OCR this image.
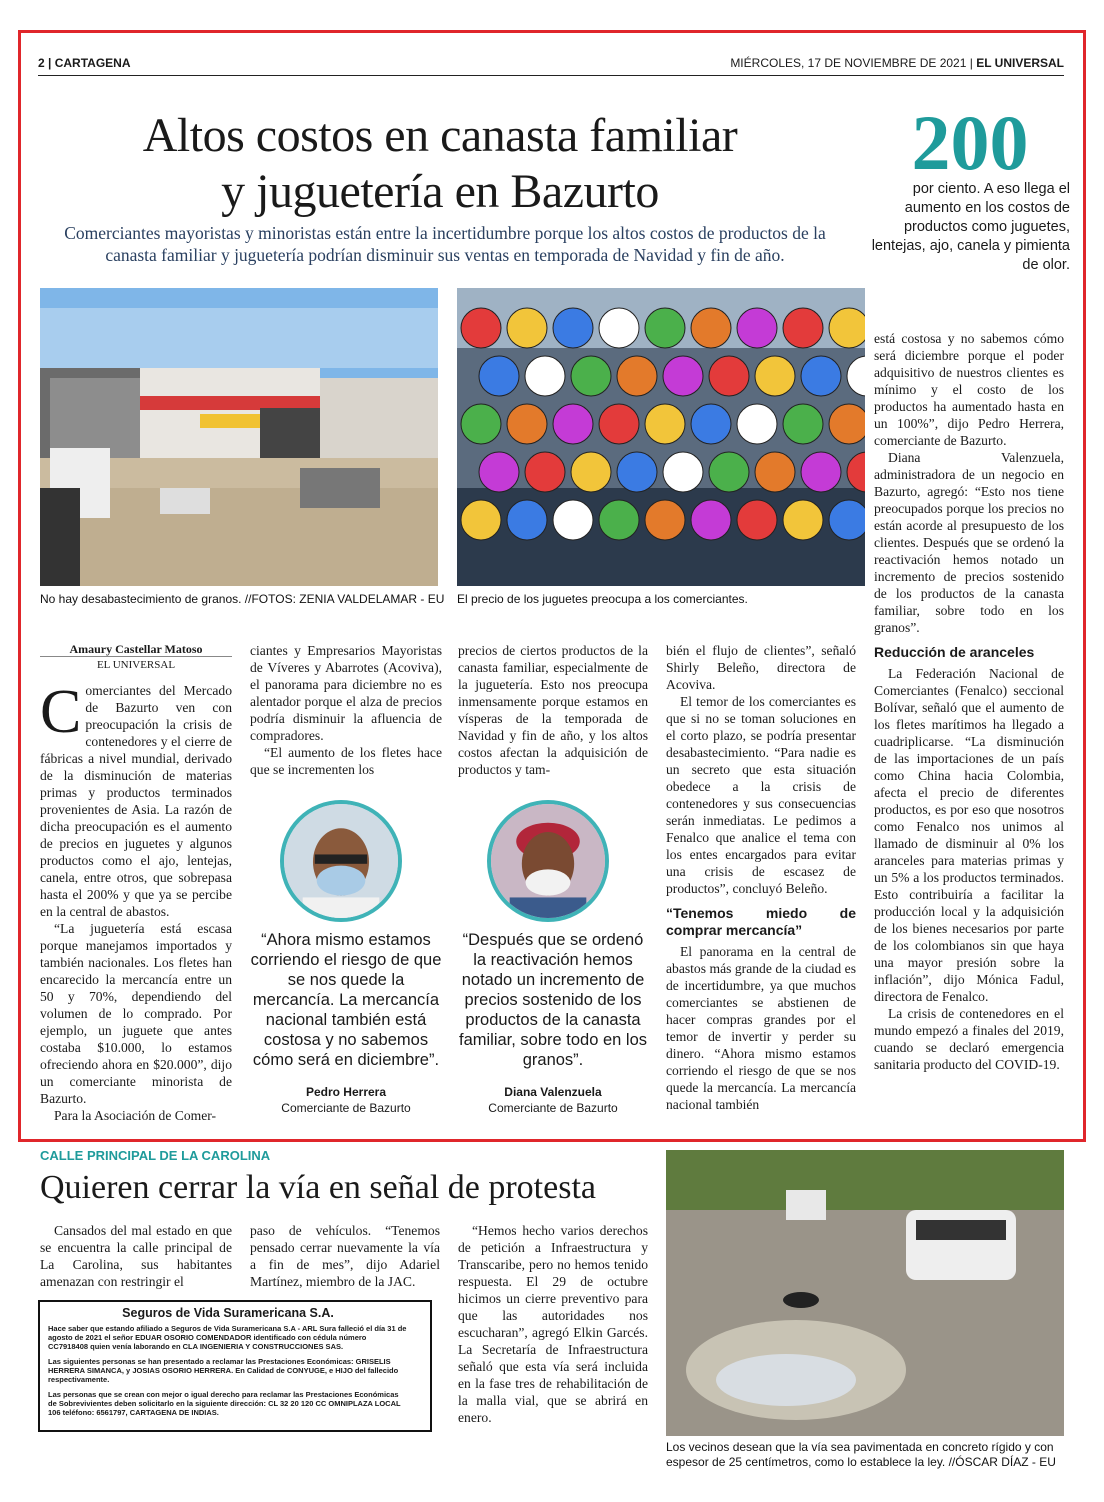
2 | CARTAGENA	MIÉRCOLES, 17 DE NOVIEMBRE DE 2021 | EL UNIVERSAL
Altos costos en canasta familiar
y juguetería en Bazurto
Comerciantes mayoristas y minoristas están entre la incertidumbre porque los altos costos de productos de la canasta familiar y juguetería podrían disminuir sus ventas en temporada de Navidad y fin de año.
200
por ciento. A eso llega el aumento en los costos de productos como juguetes, lentejas, ajo, canela y pimienta de olor.
No hay desabastecimiento de granos. //FOTOS: ZENIA VALDELAMAR - EU El precio de los juguetes preocupa a los comerciantes.
Amaury Castellar Matoso
EL UNIVERSAL

Comerciantes del Mercado de Bazurto ven con preocupación la crisis de contenedores y el cierre de fábricas a nivel mundial, derivado de la disminución de materias primas y productos terminados provenientes de Asia. La razón de dicha preocupación es el aumento de precios en juguetes y algunos productos como el ajo, lentejas, canela, entre otros, que sobrepasa hasta el 200% y que ya se percibe en la central de abastos.

“La juguetería está escasa porque manejamos importados y también nacionales. Los fletes han encarecido la mercancía entre un 50 y 70%, dependiendo del volumen de lo comprado. Por ejemplo, un juguete que antes costaba $10.000, lo estamos ofreciendo ahora en $20.000”, dijo un comerciante minorista de Bazurto.

Para la Asociación de Comer-

ciantes y Empresarios Mayoristas de Víveres y Abarrotes (Acoviva), el panorama para diciembre no es alentador porque el alza de precios podría disminuir la afluencia de compradores.

“El aumento de los fletes hace que se incrementen los

precios de ciertos productos de la canasta familiar, especialmente de la juguetería. Esto nos preocupa inmensamente porque estamos en vísperas de la temporada de Navidad y fin de año, y los altos costos afectan la adquisición de productos y tam-

“Ahora mismo estamos corriendo el riesgo de que se nos quede la mercancía. La mercancía nacional también está costosa y no sabemos cómo será en diciembre”.
Pedro Herrera
Comerciante de Bazurto
“Después que se ordenó la reactivación hemos notado un incremento de precios sostenido de los productos de la canasta familiar, sobre todo en los granos”.
Diana Valenzuela
Comerciante de Bazurto

bién el flujo de clientes”, señaló Shirly Beleño, directora de Acoviva.

El temor de los comerciantes es que si no se toman soluciones en el corto plazo, se podría presentar desabastecimiento. “Para nadie es un secreto que esta situación obedece a la crisis de contenedores y sus consecuencias serán inmediatas. Le pedimos a Fenalco que analice el tema con los entes encargados para evitar una crisis de escasez de productos”, concluyó Beleño.

“Tenemos miedo de comprar mercancía”

El panorama en la central de abastos más grande de la ciudad es de incertidumbre, ya que muchos comerciantes se abstienen de hacer compras grandes por el temor de invertir y perder su dinero. “Ahora mismo estamos corriendo el riesgo de que se nos quede la mercancía. La mercancía nacional también

está costosa y no sabemos cómo será diciembre porque el poder adquisitivo de nuestros clientes es mínimo y el costo de los productos ha aumentado hasta en un 100%”, dijo Pedro Herrera, comerciante de Bazurto.

Diana Valenzuela, administradora de un negocio en Bazurto, agregó: “Esto nos tiene preocupados porque los precios no están acorde al presupuesto de los clientes. Después que se ordenó la reactivación hemos notado un incremento de precios sostenido de los productos de la canasta familiar, sobre todo en los granos”.

Reducción de aranceles

La Federación Nacional de Comerciantes (Fenalco) seccional Bolívar, señaló que el aumento de los fletes marítimos ha llegado a cuadriplicarse. “La disminución de las importaciones de un país como China hacia Colombia, afecta el precio de diferentes productos, es por eso que nosotros como Fenalco nos unimos al llamado de disminuir al 0% los aranceles para materias primas y un 5% a los productos terminados. Esto contribuiría a facilitar la producción local y la adquisición de los bienes necesarios por parte de los colombianos sin que haya una mayor presión sobre la inflación”, dijo Mónica Fadul, directora de Fenalco.

La crisis de contenedores en el mundo empezó a finales del 2019, cuando se declaró emergencia sanitaria producto del COVID-19.

CALLE PRINCIPAL DE LA CAROLINA
Quieren cerrar la vía en señal de protesta

Cansados del mal estado en que se encuentra la calle principal de La Carolina, sus habitantes amenazan con restringir el

paso de vehículos. “Tenemos pensado cerrar nuevamente la vía a fin de mes”, dijo Adariel Martínez, miembro de la JAC.

“Hemos hecho varios derechos de petición a Infraestructura y Transcaribe, pero no hemos tenido respuesta. El 29 de octubre hicimos un cierre preventivo para que las autoridades nos escucharan”, agregó Elkin Garcés. La Secretaría de Infraestructura señaló que esta vía será incluida en la fase tres de rehabilitación de la malla vial, que se abrirá en enero.

Los vecinos desean que la vía sea pavimentada en concreto rígido y con espesor de 25 centímetros, como lo establece la ley. //ÓSCAR DÍAZ - EU
Seguros de Vida Suramericana S.A.

Hace saber que estando afiliado a Seguros de Vida Suramericana S.A - ARL Sura falleció el día 31 de agosto de 2021 el señor EDUAR OSORIO COMENDADOR identificado con cédula número CC7918408 quien venía laborando en CLA INGENIERIA Y CONSTRUCCIONES SAS.

Las siguientes personas se han presentado a reclamar las Prestaciones Económicas: GRISELIS HERRERA SIMANCA, y JOSIAS OSORIO HERRERA. En Calidad de CONYUGE, e HIJO del fallecido respectivamente.

Las personas que se crean con mejor o igual derecho para reclamar las Prestaciones Económicas de Sobrevivientes deben solicitarlo en la siguiente dirección: CL 32 20 120 CC OMNIPLAZA LOCAL 106 teléfono: 6561797, CARTAGENA DE INDIAS.
